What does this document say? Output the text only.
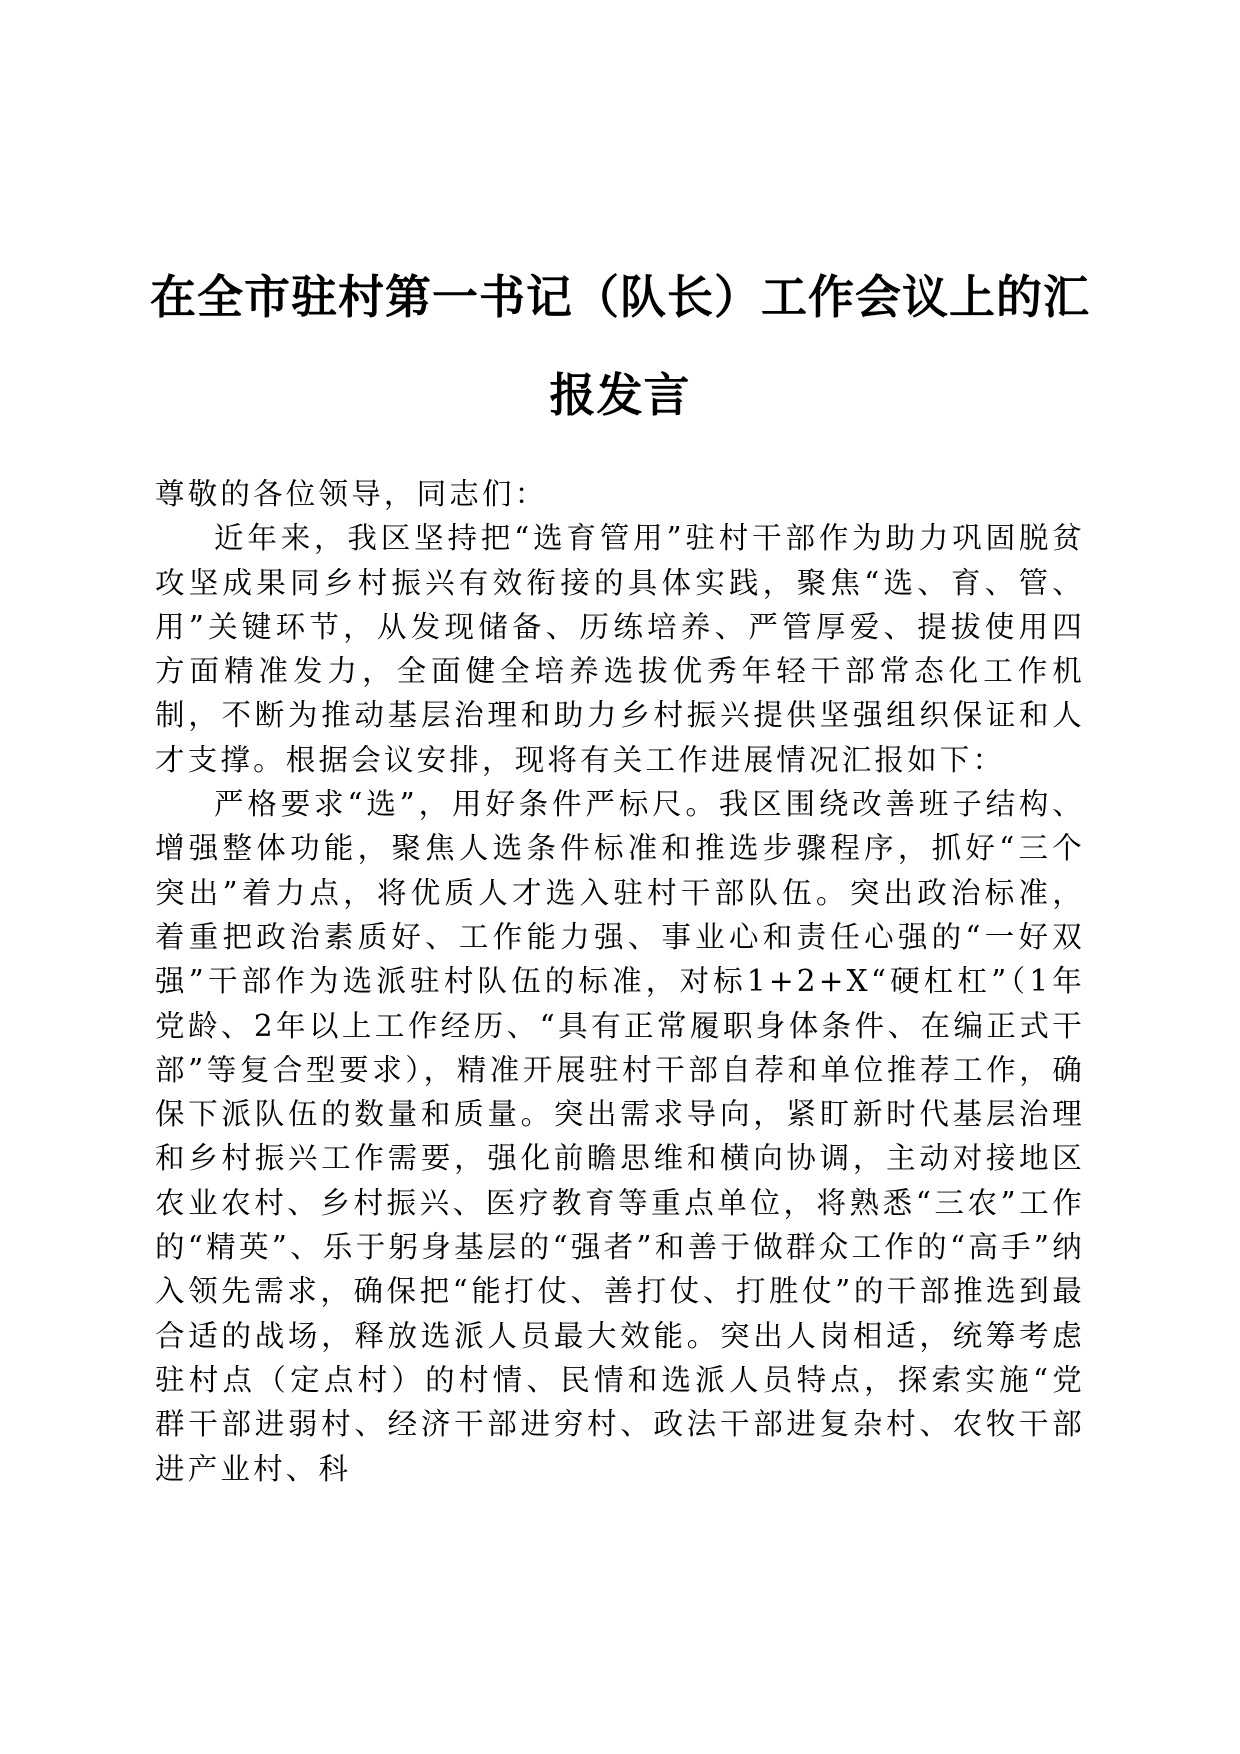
在全市驻村第一书记（队长）工作会议上的汇
报发言

尊敬的各位领导，同志们：

近年来，我区坚持把“选育管用”驻村干部作为助力巩固脱贫攻坚成果同乡村振兴有效衔接的具体实践，聚焦“选、育、管、用”关键环节，从发现储备、历练培养、严管厚爱、提拔使用四方面精准发力，全面健全培养选拔优秀年轻干部常态化工作机制，不断为推动基层治理和助力乡村振兴提供坚强组织保证和人才支撑。根据会议安排，现将有关工作进展情况汇报如下：

严格要求“选”，用好条件严标尺。我区围绕改善班子结构、增强整体功能，聚焦人选条件标准和推选步骤程序，抓好“三个突出”着力点，将优质人才选入驻村干部队伍。突出政治标准，着重把政治素质好、工作能力强、事业心和责任心强的“一好双强”干部作为选派驻村队伍的标准，对标1+2+X“硬杠杠”（1年党龄、2年以上工作经历、“具有正常履职身体条件、在编正式干部”等复合型要求），精准开展驻村干部自荐和单位推荐工作，确保下派队伍的数量和质量。突出需求导向，紧盯新时代基层治理和乡村振兴工作需要，强化前瞻思维和横向协调，主动对接地区农业农村、乡村振兴、医疗教育等重点单位，将熟悉“三农”工作的“精英”、乐于躬身基层的“强者”和善于做群众工作的“高手”纳入领先需求，确保把“能打仗、善打仗、打胜仗”的干部推选到最合适的战场，释放选派人员最大效能。突出人岗相适，统筹考虑驻村点（定点村）的村情、民情和选派人员特点，探索实施“党群干部进弱村、经济干部进穷村、政法干部进复杂村、农牧干部进产业村、科
